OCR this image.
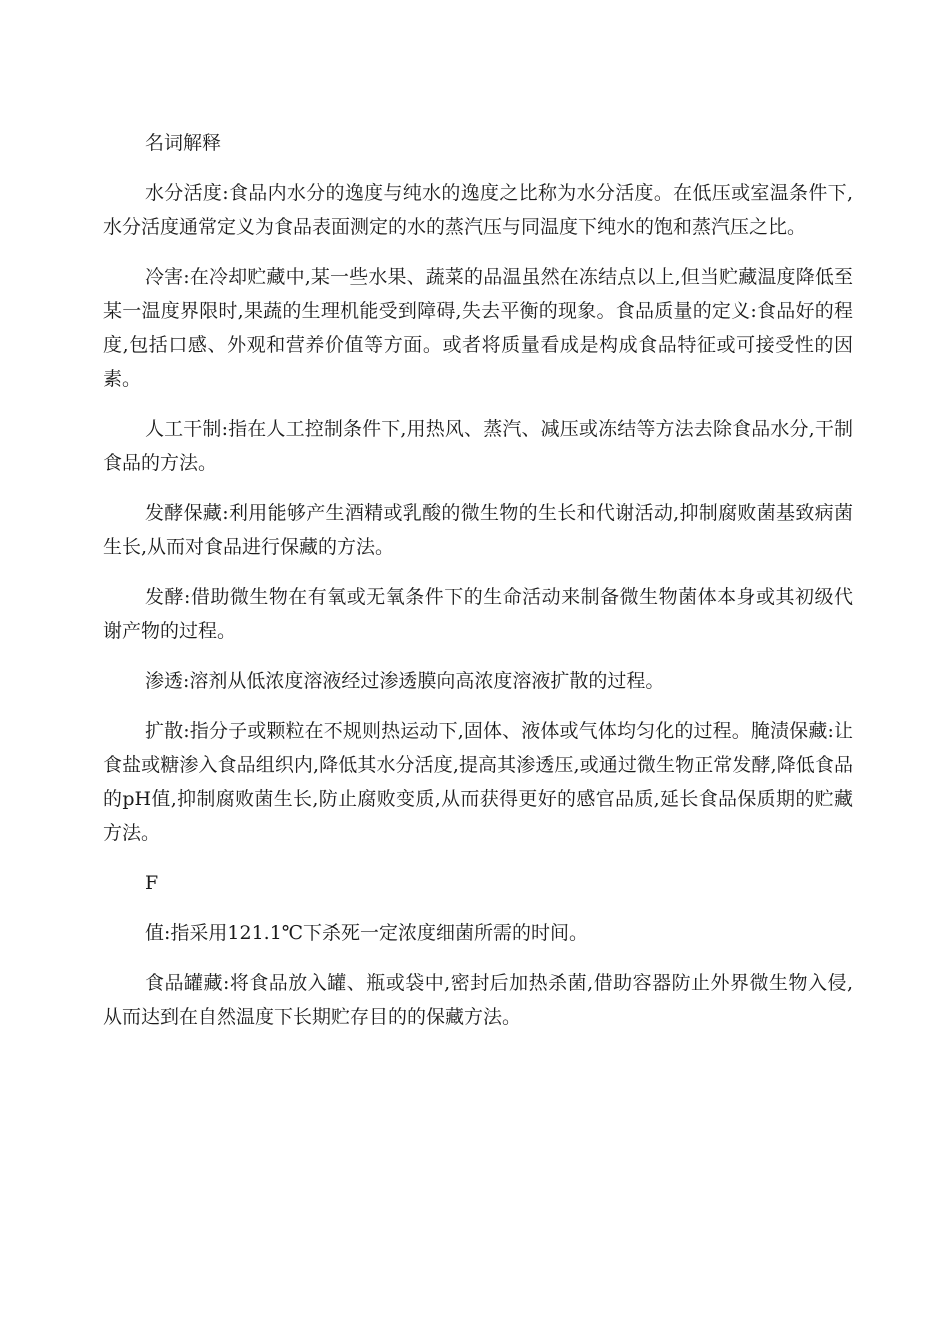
名词解释

水分活度:食品内水分的逸度与纯水的逸度之比称为水分活度。在低压或室温条件下,水分活度通常定义为食品表面测定的水的蒸汽压与同温度下纯水的饱和蒸汽压之比。

冷害:在冷却贮藏中,某一些水果、蔬菜的品温虽然在冻结点以上,但当贮藏温度降低至某一温度界限时,果蔬的生理机能受到障碍,失去平衡的现象。食品质量的定义:食品好的程度,包括口感、外观和营养价值等方面。或者将质量看成是构成食品特征或可接受性的因素。

人工干制:指在人工控制条件下,用热风、蒸汽、减压或冻结等方法去除食品水分,干制食品的方法。

发酵保藏:利用能够产生酒精或乳酸的微生物的生长和代谢活动,抑制腐败菌基致病菌生长,从而对食品进行保藏的方法。

发酵:借助微生物在有氧或无氧条件下的生命活动来制备微生物菌体本身或其初级代谢产物的过程。

渗透:溶剂从低浓度溶液经过渗透膜向高浓度溶液扩散的过程。

扩散:指分子或颗粒在不规则热运动下,固体、液体或气体均匀化的过程。腌渍保藏:让食盐或糖渗入食品组织内,降低其水分活度,提高其渗透压,或通过微生物正常发酵,降低食品的pH值,抑制腐败菌生长,防止腐败变质,从而获得更好的感官品质,延长食品保质期的贮藏方法。

F

值:指采用121.1℃下杀死一定浓度细菌所需的时间。

食品罐藏:将食品放入罐、瓶或袋中,密封后加热杀菌,借助容器防止外界微生物入侵,从而达到在自然温度下长期贮存目的的保藏方法。
